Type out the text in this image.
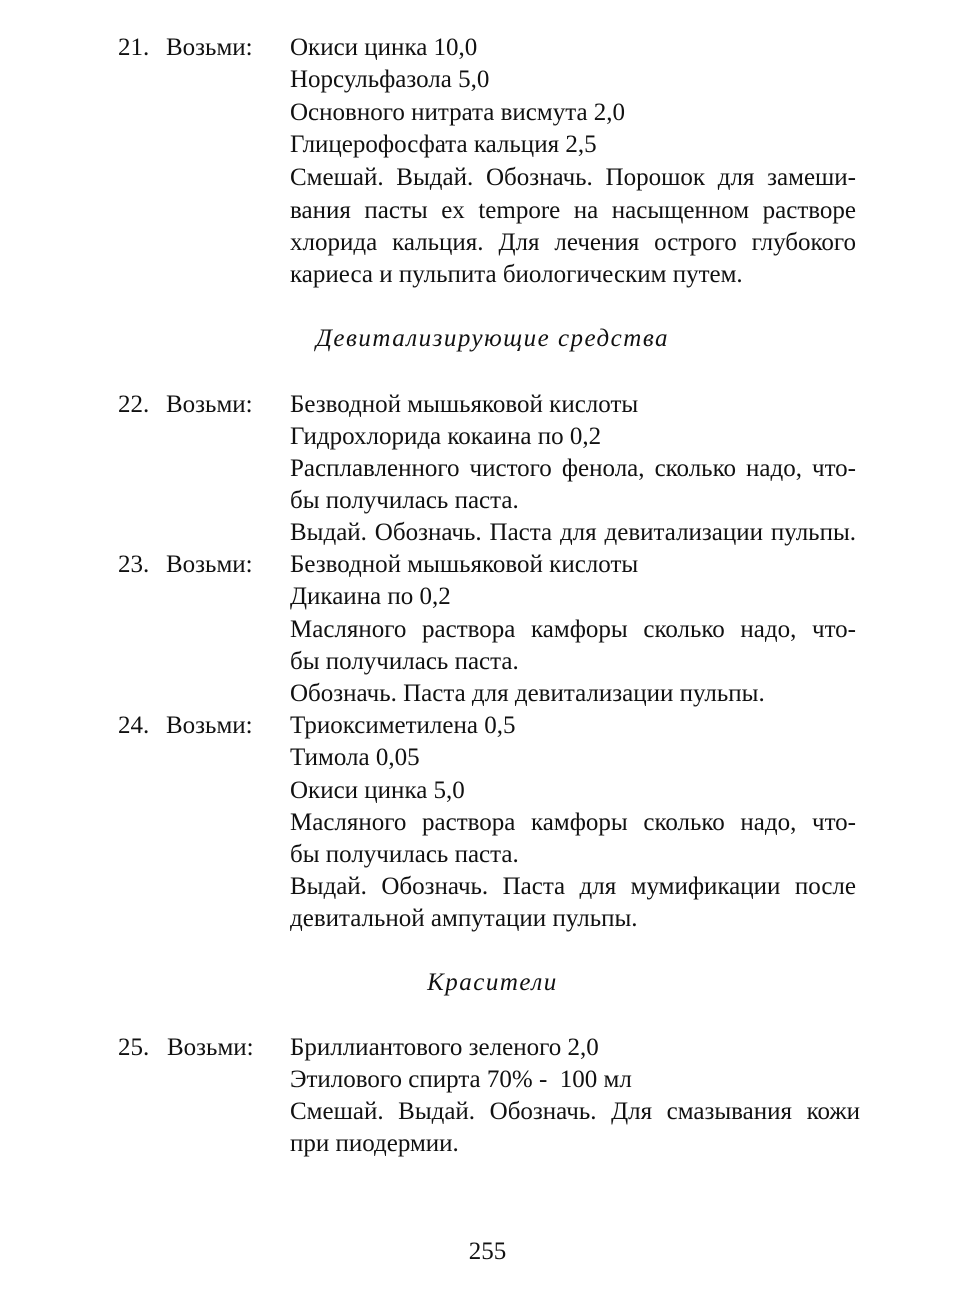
21. Возьми: Окиси цинка 10,0
Норсульфазола 5,0
Основного нитрата висмута 2,0
Глицерофосфата кальция 2,5
Смешай. Выдай. Обозначь. Порошок для замеши-
вания пасты ex tempore на насыщенном растворе
хлорида кальция. Для лечения острого глубокого
кариеса и пульпита биологическим путем.
Девитализирующие средства
22. Возьми: Безводной мышьяковой кислоты
Гидрохлорида кокаина по 0,2
Расплавленного чистого фенола, сколько надо, что-
бы получилась паста.
Выдай. Обозначь. Паста для девитализации пульпы.
23. Возьми: Безводной мышьяковой кислоты
Дикаина по 0,2
Масляного раствора камфоры сколько надо, что-
бы получилась паста.
Обозначь. Паста для девитализации пульпы.
24. Возьми: Триоксиметилена 0,5
Тимола 0,05
Окиси цинка 5,0
Масляного раствора камфоры сколько надо, что-
бы получилась паста.
Выдай. Обозначь. Паста для мумификации после
девитальной ампутации пульпы.
Красители
25. Возьми: Бриллиантового зеленого 2,0
Этилового спирта 70% -  100 мл
Смешай. Выдай. Обозначь. Для смазывания кожи
при пиодермии.
255
